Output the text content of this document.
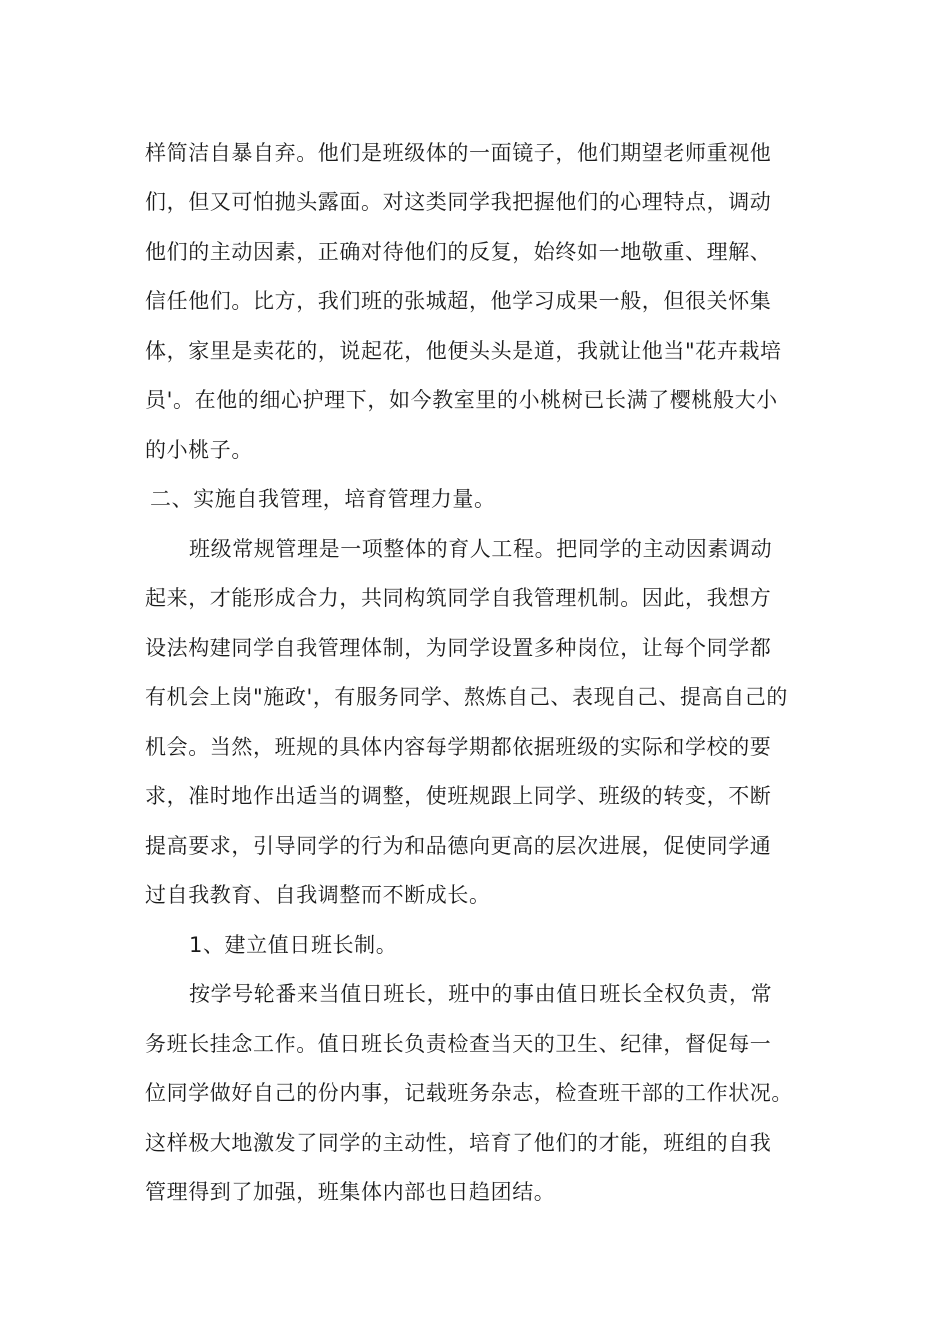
样简洁自暴自弃。他们是班级体的一面镜子，他们期望老师重视他

们，但又可怕抛头露面。对这类同学我把握他们的心理特点，调动

他们的主动因素，正确对待他们的反复，始终如一地敬重、理解、

信任他们。比方，我们班的张城超，他学习成果一般，但很关怀集

体，家里是卖花的，说起花，他便头头是道，我就让他当"花卉栽培

员'。在他的细心护理下，如今教室里的小桃树已长满了樱桃般大小

的小桃子。

二、实施自我管理，培育管理力量。

班级常规管理是一项整体的育人工程。把同学的主动因素调动

起来，才能形成合力，共同构筑同学自我管理机制。因此，我想方

设法构建同学自我管理体制，为同学设置多种岗位，让每个同学都

有机会上岗"施政'，有服务同学、熬炼自己、表现自己、提高自己的

机会。当然，班规的具体内容每学期都依据班级的实际和学校的要

求，准时地作出适当的调整，使班规跟上同学、班级的转变，不断

提高要求，引导同学的行为和品德向更高的层次进展，促使同学通

过自我教育、自我调整而不断成长。

1、建立值日班长制。

按学号轮番来当值日班长，班中的事由值日班长全权负责，常

务班长挂念工作。值日班长负责检查当天的卫生、纪律，督促每一

位同学做好自己的份内事，记载班务杂志，检查班干部的工作状况。

这样极大地激发了同学的主动性，培育了他们的才能，班组的自我

管理得到了加强，班集体内部也日趋团结。
